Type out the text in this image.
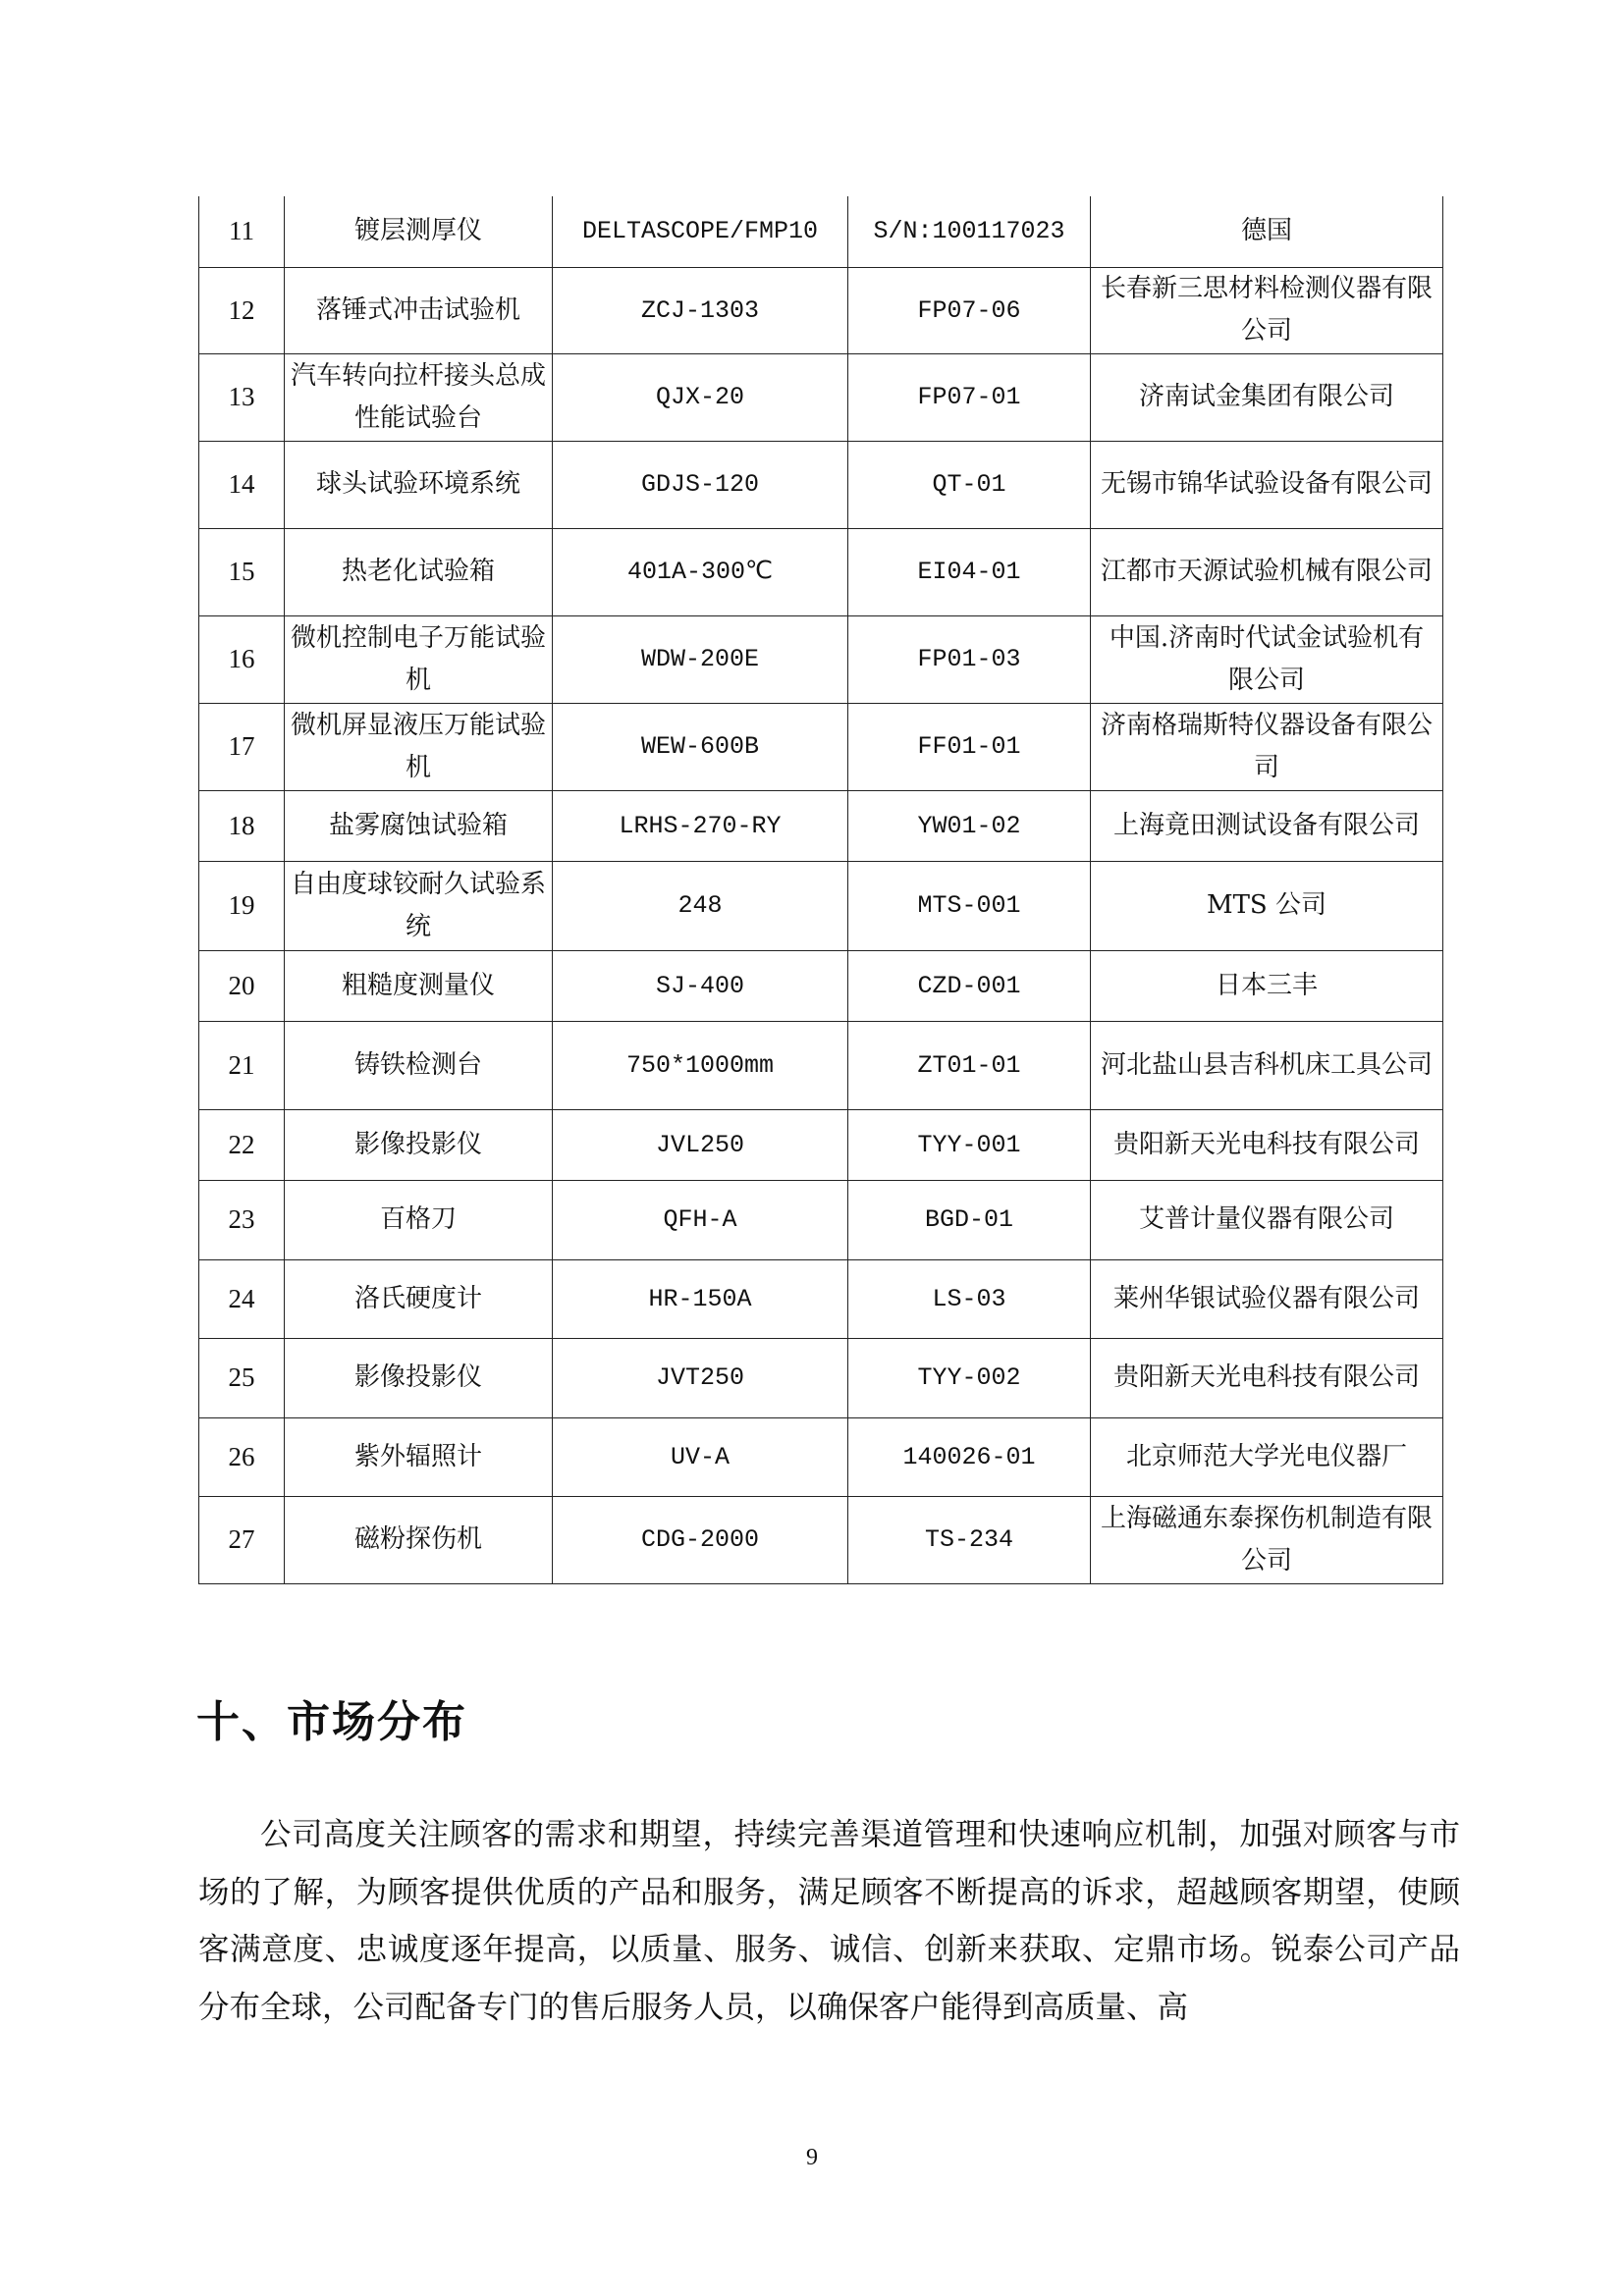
11	镀层测厚仪	DELTASCOPE/FMP10	S/N:100117023	德国
12	落锤式冲击试验机	ZCJ-1303	FP07-06	长春新三思材料检测仪器有限公司
13	汽车转向拉杆接头总成性能试验台	QJX-20	FP07-01	济南试金集团有限公司
14	球头试验环境系统	GDJS-120	QT-01	无锡市锦华试验设备有限公司
15	热老化试验箱	401A-300℃	EI04-01	江都市天源试验机械有限公司
16	微机控制电子万能试验机	WDW-200E	FP01-03	中国.济南时代试金试验机有限公司
17	微机屏显液压万能试验机	WEW-600B	FF01-01	济南格瑞斯特仪器设备有限公司
18	盐雾腐蚀试验箱	LRHS-270-RY	YW01-02	上海竟田测试设备有限公司
19	自由度球铰耐久试验系统	248	MTS-001	MTS 公司
20	粗糙度测量仪	SJ-400	CZD-001	日本三丰
21	铸铁检测台	750*1000mm	ZT01-01	河北盐山县吉科机床工具公司
22	影像投影仪	JVL250	TYY-001	贵阳新天光电科技有限公司
23	百格刀	QFH-A	BGD-01	艾普计量仪器有限公司
24	洛氏硬度计	HR-150A	LS-03	莱州华银试验仪器有限公司
25	影像投影仪	JVT250	TYY-002	贵阳新天光电科技有限公司
26	紫外辐照计	UV-A	140026-01	北京师范大学光电仪器厂
27	磁粉探伤机	CDG-2000	TS-234	上海磁通东泰探伤机制造有限公司
十、市场分布

公司高度关注顾客的需求和期望，持续完善渠道管理和快速响应机制，加强对顾客与市场的了解，为顾客提供优质的产品和服务，满足顾客不断提高的诉求，超越顾客期望，使顾客满意度、忠诚度逐年提高，以质量、服务、诚信、创新来获取、定鼎市场。锐泰公司产品分布全球，公司配备专门的售后服务人员，以确保客户能得到高质量、高

9
